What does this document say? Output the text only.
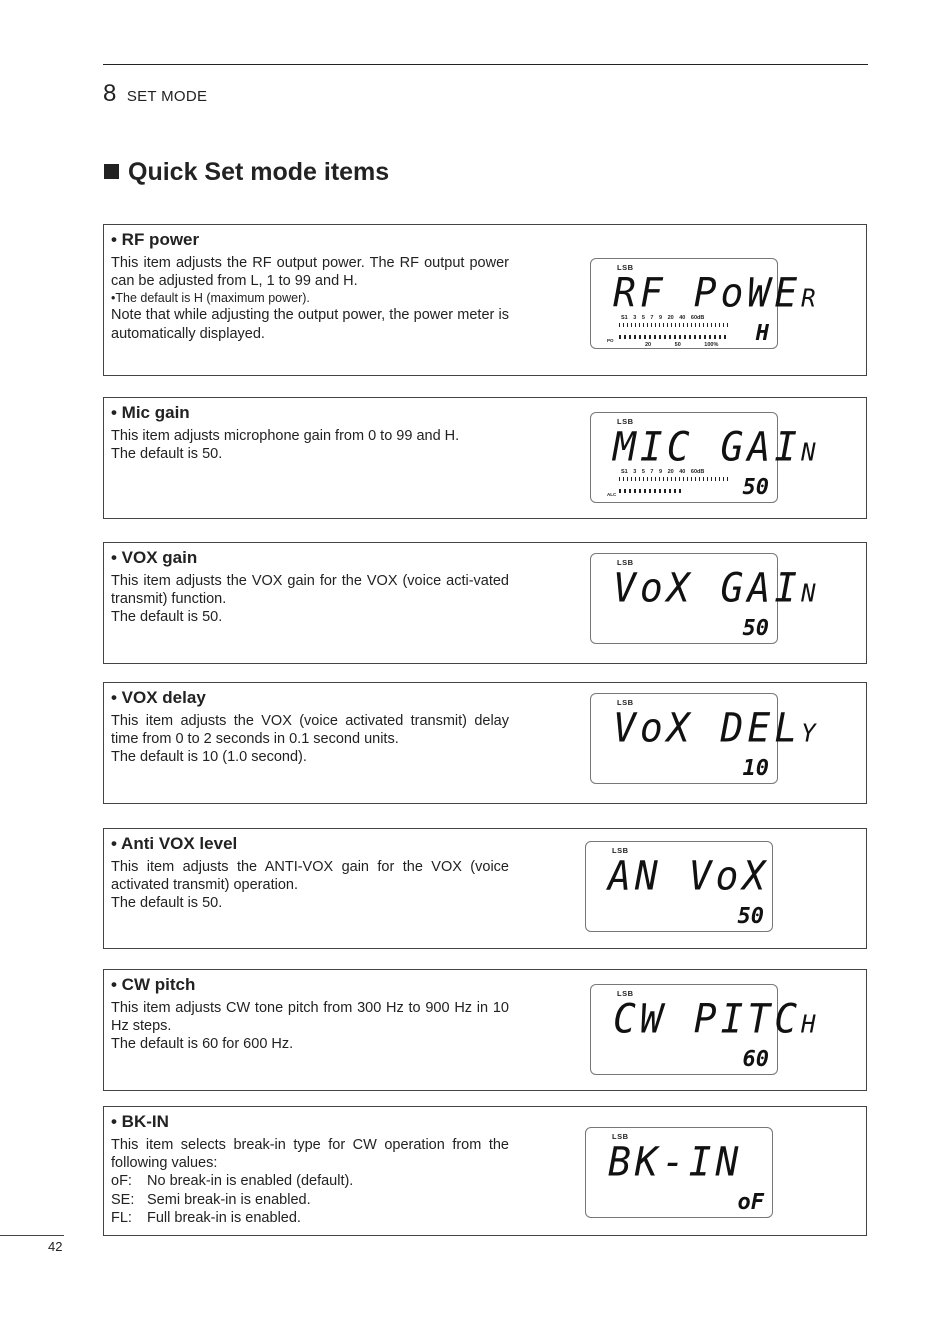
8 SET MODE
Quick Set mode items
• RF power

This item adjusts the RF output power. The RF output power can be adjusted from L, 1 to 99 and H.

•The default is H (maximum power).

Note that while adjusting the output power, the power meter is automatically displayed.

LSB
RF PoWER
S1 3 5 7 9 20 40 60dB
PO
20 50 100% H
• Mic gain

This item adjusts microphone gain from 0 to 99 and H.

The default is 50.

LSB
MIC GAIN
S1 3 5 7 9 20 40 60dB
ALC	50
• VOX gain

This item adjusts the VOX gain for the VOX (voice acti-vated transmit) function.

The default is 50.

LSB
VoX GAIN
50
• VOX delay

This item adjusts the VOX (voice activated transmit) delay time from 0 to 2 seconds in 0.1 second units.

The default is 10 (1.0 second).

LSB
VoX DELY
10
• Anti VOX level

This item adjusts the ANTI-VOX gain for the VOX (voice activated transmit) operation.

The default is 50.

LSB
AN VoX
50
• CW pitch

This item adjusts CW tone pitch from 300 Hz to 900 Hz in 10 Hz steps.

The default is 60 for 600 Hz.

LSB
CW PITCH
60
• BK-IN

This item selects break-in type for CW operation from the following values:

oF: No break-in is enabled (default).

SE: Semi break-in is enabled.

FL: Full break-in is enabled.

LSB
BK-IN
oF
42
